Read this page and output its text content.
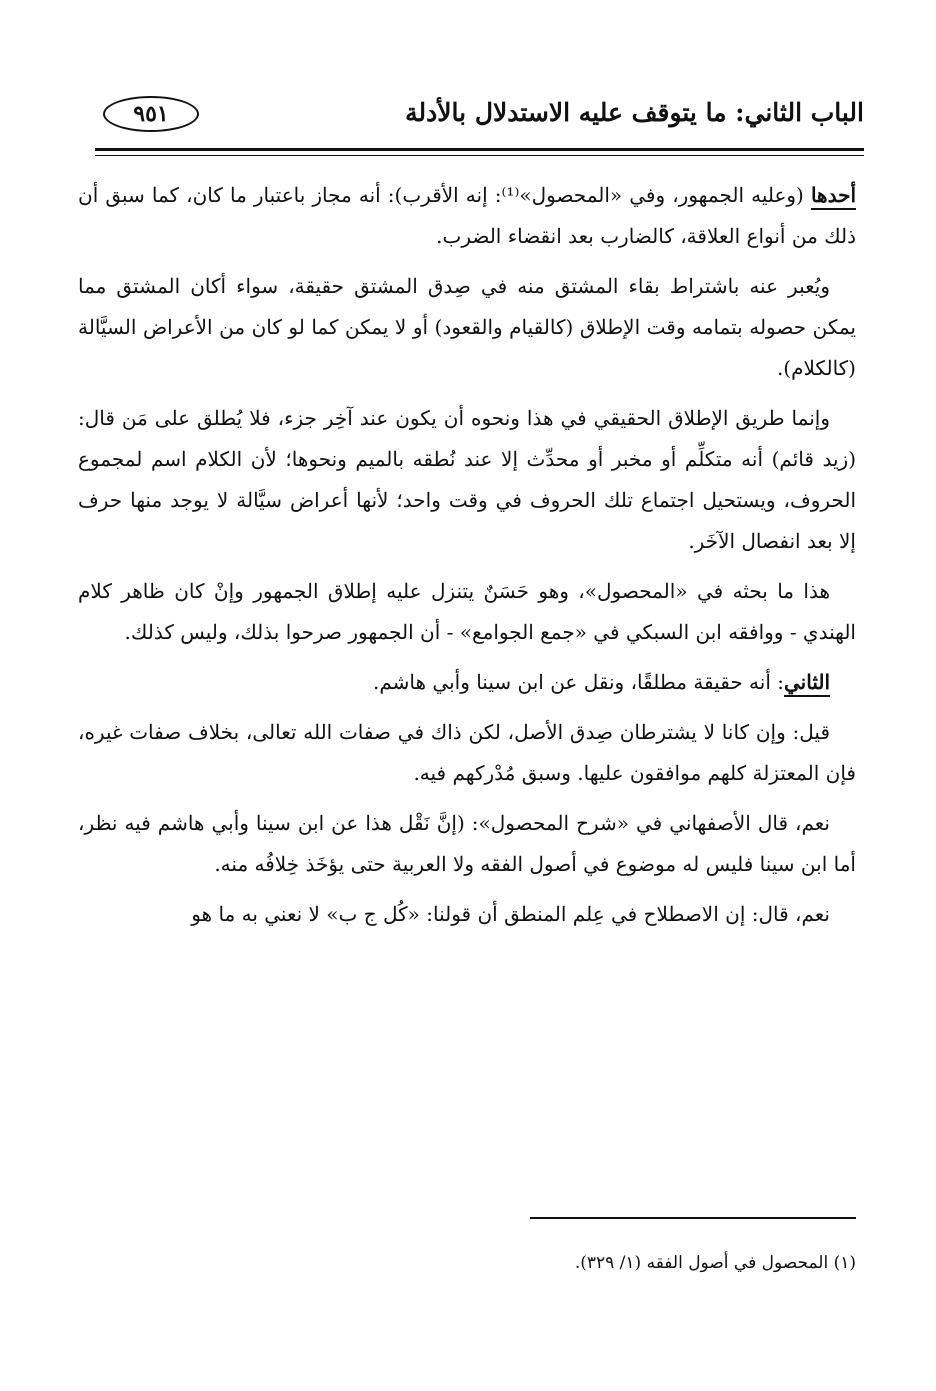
الباب الثاني: ما يتوقف عليه الاستدلال بالأدلة
٩٥١

أحدها (وعليه الجمهور، وفي «المحصول»⁽¹⁾: إنه الأقرب): أنه مجاز باعتبار ما كان، كما سبق أن ذلك من أنواع العلاقة، كالضارب بعد انقضاء الضرب.

ويُعبر عنه باشتراط بقاء المشتق منه في صِدق المشتق حقيقة، سواء أكان المشتق مما يمكن حصوله بتمامه وقت الإطلاق (كالقيام والقعود) أو لا يمكن كما لو كان من الأعراض السيَّالة (كالكلام).

وإنما طريق الإطلاق الحقيقي في هذا ونحوه أن يكون عند آخِر جزء، فلا يُطلق على مَن قال: (زيد قائم) أنه متكلِّم أو مخبر أو محدِّث إلا عند نُطقه بالميم ونحوها؛ لأن الكلام اسم لمجموع الحروف، ويستحيل اجتماع تلك الحروف في وقت واحد؛ لأنها أعراض سيَّالة لا يوجد منها حرف إلا بعد انفصال الآخَر.

هذا ما بحثه في «المحصول»، وهو حَسَنٌ يتنزل عليه إطلاق الجمهور وإنْ كان ظاهر كلام الهندي - ووافقه ابن السبكي في «جمع الجوامع» - أن الجمهور صرحوا بذلك، وليس كذلك.

الثاني: أنه حقيقة مطلقًا، ونقل عن ابن سينا وأبي هاشم.

قيل: وإن كانا لا يشترطان صِدق الأصل، لكن ذاك في صفات الله تعالى، بخلاف صفات غيره، فإن المعتزلة كلهم موافقون عليها. وسبق مُدْركهم فيه.

نعم، قال الأصفهاني في «شرح المحصول»: (إنَّ نَقْل هذا عن ابن سينا وأبي هاشم فيه نظر، أما ابن سينا فليس له موضوع في أصول الفقه ولا العربية حتى يؤخَذ خِلافُه منه.

نعم، قال: إن الاصطلاح في عِلم المنطق أن قولنا: «كُل ج ب» لا نعني به ما هو

(١) المحصول في أصول الفقه (١/ ٣٢٩).
